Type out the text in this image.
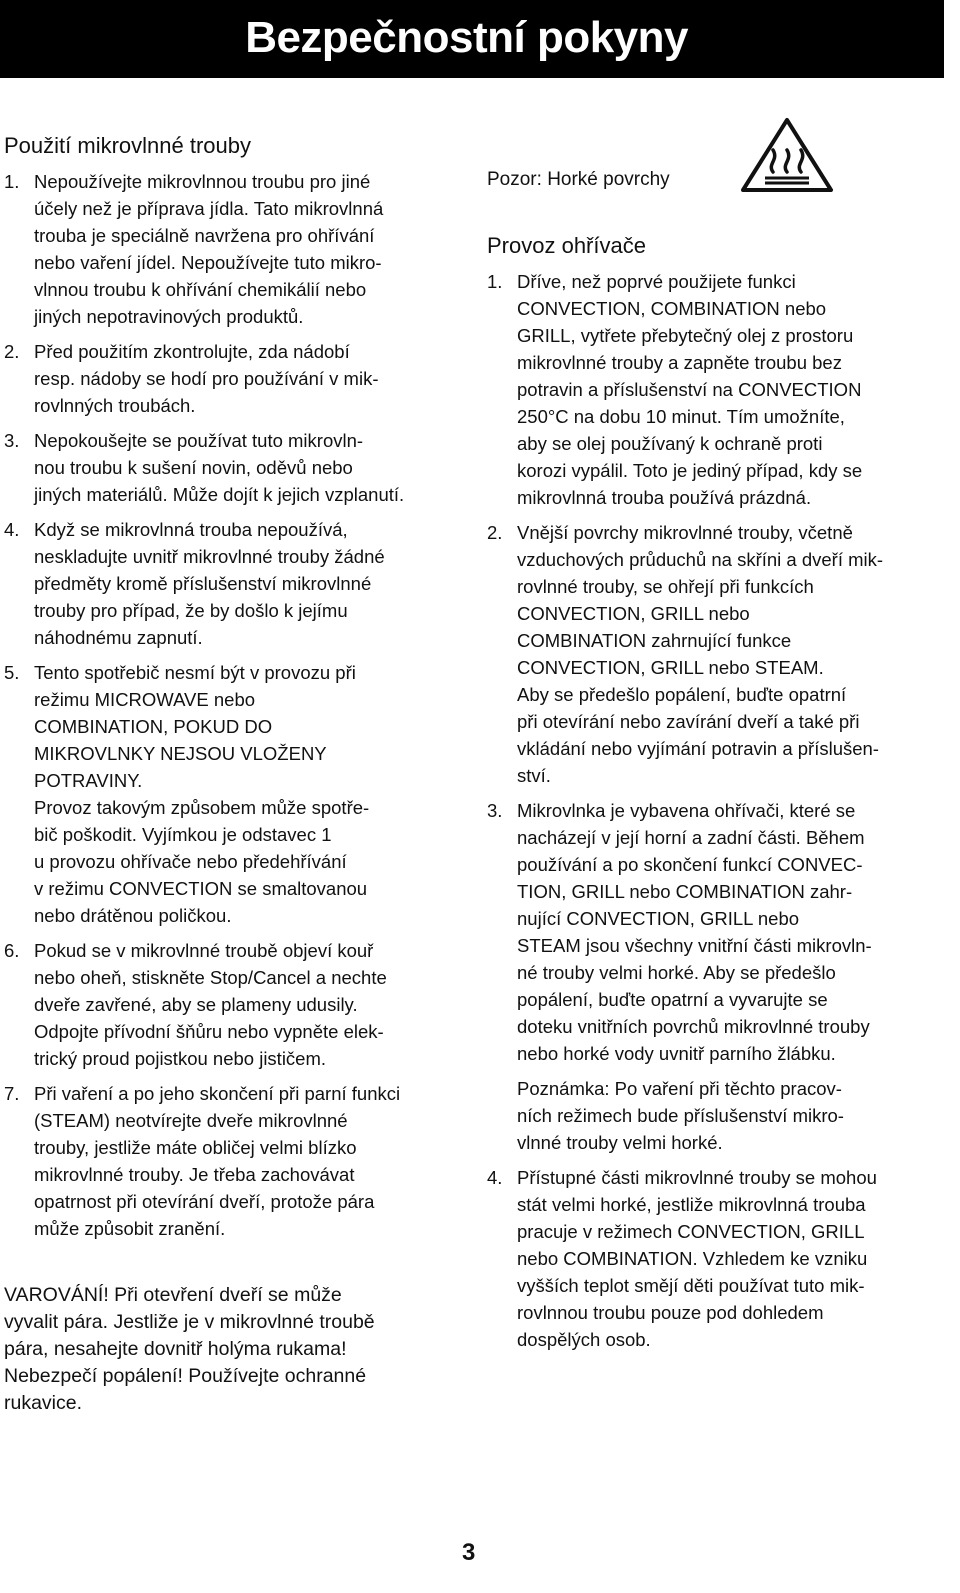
Bezpečnostní pokyny
Použití mikrovlnné trouby
1. Nepoužívejte mikrovlnnou troubu pro jiné
účely než je příprava jídla. Tato mikrovlnná
trouba je speciálně navržena pro ohřívání
nebo vaření jídel. Nepoužívejte tuto mikro-
vlnnou troubu k ohřívání chemikálií nebo
jiných nepotravinových produktů.
2. Před použitím zkontrolujte, zda nádobí
resp. nádoby se hodí pro používání v mik-
rovlnných troubách.
3. Nepokoušejte se používat tuto mikrovln-
nou troubu k sušení novin, oděvů nebo
jiných materiálů. Může dojít k jejich vzplanutí.
4. Když se mikrovlnná trouba nepoužívá,
neskladujte uvnitř mikrovlnné trouby žádné
předměty kromě příslušenství mikrovlnné
trouby pro případ, že by došlo k jejímu
náhodnému zapnutí.
5. Tento spotřebič nesmí být v provozu při
režimu MICROWAVE nebo
COMBINATION, POKUD DO
MIKROVLNKY NEJSOU VLOŽENY
POTRAVINY.
Provoz takovým způsobem může spotře-
bič poškodit. Vyjímkou je odstavec 1
u provozu ohřívače nebo předehřívání
v režimu CONVECTION se smaltovanou
nebo drátěnou poličkou.
6. Pokud se v mikrovlnné troubě objeví kouř
nebo oheň, stiskněte Stop/Cancel a nechte
dveře zavřené, aby se plameny udusily.
Odpojte přívodní šňůru nebo vypněte elek-
trický proud pojistkou nebo jističem.
7. Při vaření a po jeho skončení při parní funkci
(STEAM) neotvírejte dveře mikrovlnné
trouby, jestliže máte obličej velmi blízko
mikrovlnné trouby. Je třeba zachovávat
opatrnost při otevírání dveří, protože pára
může způsobit zranění.
VAROVÁNÍ! Při otevření dveří se může
vyvalit pára. Jestliže je v mikrovlnné troubě
pára, nesahejte dovnitř holýma rukama!
Nebezpečí popálení! Používejte ochranné
rukavice.
Pozor: Horké povrchy
Provoz ohřívače
1. Dříve, než poprvé použijete funkci
CONVECTION, COMBINATION nebo
GRILL, vytřete přebytečný olej z prostoru
mikrovlnné trouby a zapněte troubu bez
potravin a příslušenství na CONVECTION
250°C na dobu 10 minut. Tím umožníte,
aby se olej používaný k ochraně proti
korozi vypálil. Toto je jediný případ, kdy se
mikrovlnná trouba používá prázdná.
2. Vnější povrchy mikrovlnné trouby, včetně
vzduchových průduchů na skříni a dveří mik-
rovlnné trouby, se ohřejí při funkcích
CONVECTION, GRILL nebo
COMBINATION zahrnující funkce
CONVECTION, GRILL nebo STEAM.
Aby se předešlo popálení, buďte opatrní
při otevírání nebo zavírání dveří a také při
vkládání nebo vyjímání potravin a příslušen-
ství.
3. Mikrovlnka je vybavena ohřívači, které se
nacházejí v její horní a zadní části. Během
používání a po skončení funkcí CONVEC-
TION, GRILL nebo COMBINATION zahr-
nující CONVECTION, GRILL nebo
STEAM jsou všechny vnitřní části mikrovln-
né trouby velmi horké. Aby se předešlo
popálení, buďte opatrní a vyvarujte se
doteku vnitřních povrchů mikrovlnné trouby
nebo horké vody uvnitř parního žlábku.
Poznámka: Po vaření při těchto pracov-
ních režimech bude příslušenství mikro-
vlnné trouby velmi horké.
4. Přístupné části mikrovlnné trouby se mohou
stát velmi horké, jestliže mikrovlnná trouba
pracuje v režimech CONVECTION, GRILL
nebo COMBINATION. Vzhledem ke vzniku
vyšších teplot smějí děti používat tuto mik-
rovlnnou troubu pouze pod dohledem
dospělých osob.
3
